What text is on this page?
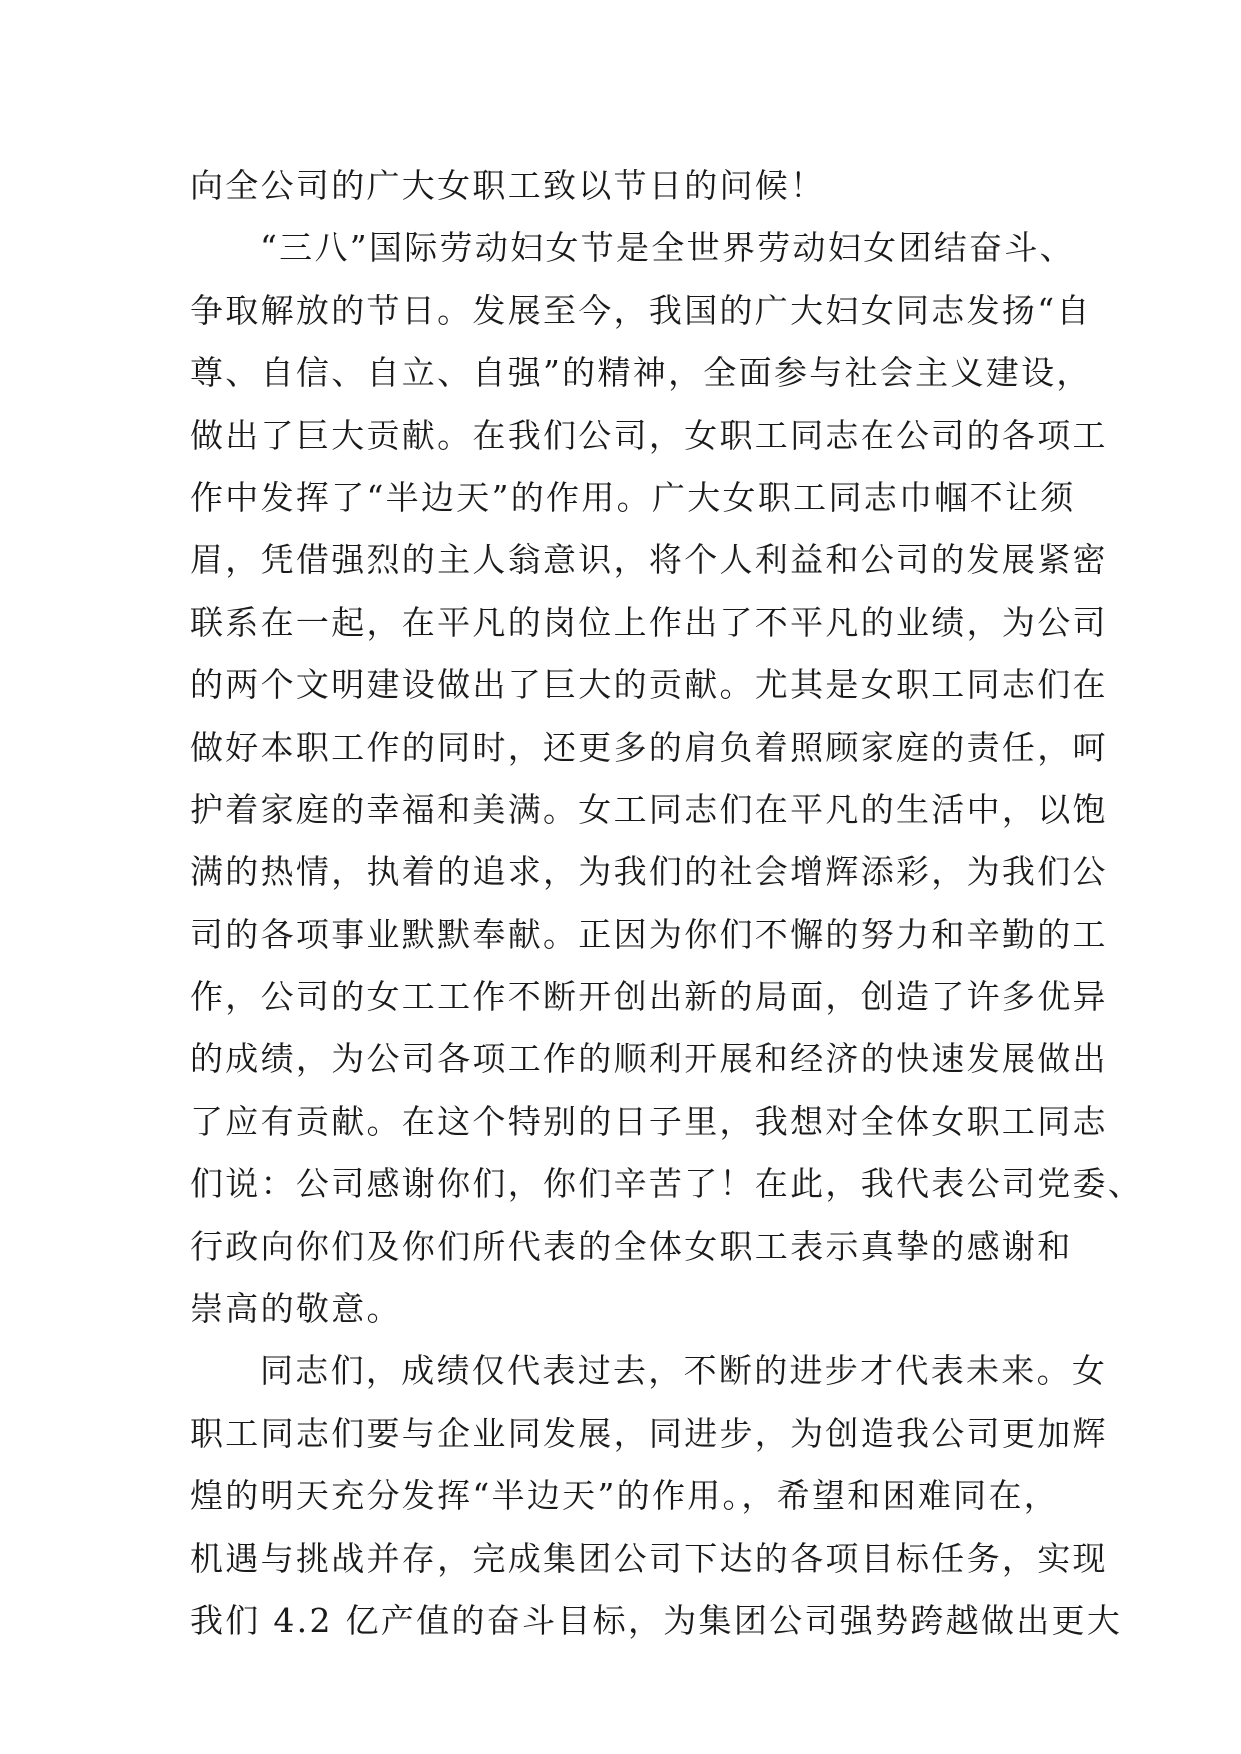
向全公司的广大女职工致以节日的问候！
“三八”国际劳动妇女节是全世界劳动妇女团结奋斗、
争取解放的节日。发展至今，我国的广大妇女同志发扬“自
尊、自信、自立、自强”的精神，全面参与社会主义建设，
做出了巨大贡献。在我们公司，女职工同志在公司的各项工
作中发挥了“半边天”的作用。广大女职工同志巾帼不让须
眉，凭借强烈的主人翁意识，将个人利益和公司的发展紧密
联系在一起，在平凡的岗位上作出了不平凡的业绩，为公司
的两个文明建设做出了巨大的贡献。尤其是女职工同志们在
做好本职工作的同时，还更多的肩负着照顾家庭的责任，呵
护着家庭的幸福和美满。女工同志们在平凡的生活中，以饱
满的热情，执着的追求，为我们的社会增辉添彩，为我们公
司的各项事业默默奉献。正因为你们不懈的努力和辛勤的工
作，公司的女工工作不断开创出新的局面，创造了许多优异
的成绩，为公司各项工作的顺利开展和经济的快速发展做出
了应有贡献。在这个特别的日子里，我想对全体女职工同志
们说：公司感谢你们，你们辛苦了！在此，我代表公司党委、
行政向你们及你们所代表的全体女职工表示真挚的感谢和
崇高的敬意。
同志们，成绩仅代表过去，不断的进步才代表未来。女
职工同志们要与企业同发展，同进步，为创造我公司更加辉
煌的明天充分发挥“半边天”的作用。，希望和困难同在，
机遇与挑战并存，完成集团公司下达的各项目标任务，实现
我们 4.2 亿产值的奋斗目标，为集团公司强势跨越做出更大
